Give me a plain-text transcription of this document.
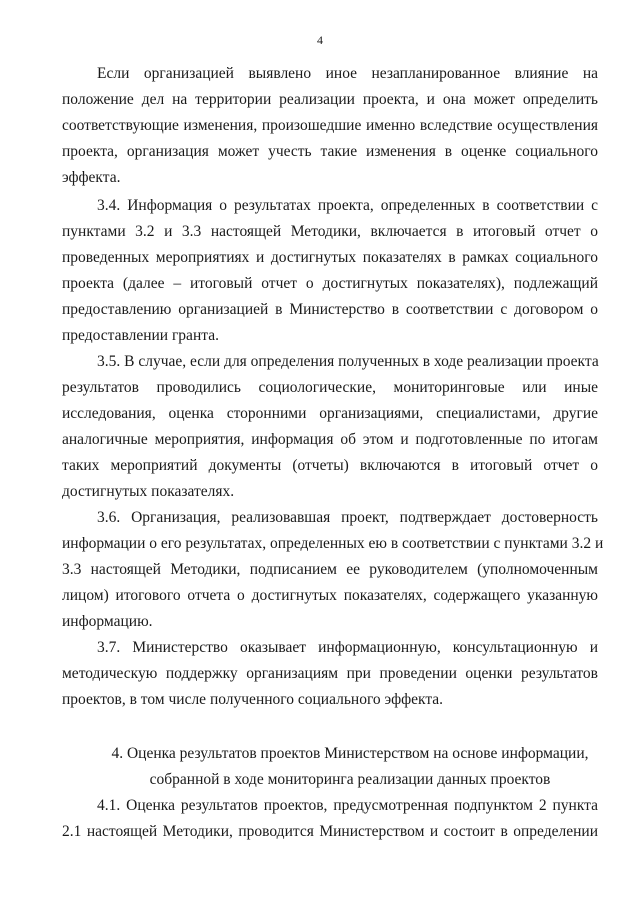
4
Если организацией выявлено иное незапланированное влияние на
положение дел на территории реализации проекта, и она может определить
соответствующие изменения, произошедшие именно вследствие осуществления
проекта, организация может учесть такие изменения в оценке социального
эффекта.
3.4. Информация о результатах проекта, определенных в соответствии с
пунктами 3.2 и 3.3 настоящей Методики, включается в итоговый отчет о
проведенных мероприятиях и достигнутых показателях в рамках социального
проекта (далее – итоговый отчет о достигнутых показателях), подлежащий
предоставлению организацией в Министерство в соответствии с договором о
предоставлении гранта.
3.5. В случае, если для определения полученных в ходе реализации проекта
результатов проводились социологические, мониторинговые или иные
исследования, оценка сторонними организациями, специалистами, другие
аналогичные мероприятия, информация об этом и подготовленные по итогам
таких мероприятий документы (отчеты) включаются в итоговый отчет о
достигнутых показателях.
3.6. Организация, реализовавшая проект, подтверждает достоверность
информации о его результатах, определенных ею в соответствии с пунктами 3.2 и
3.3 настоящей Методики, подписанием ее руководителем (уполномоченным
лицом) итогового отчета о достигнутых показателях, содержащего указанную
информацию.
3.7. Министерство оказывает информационную, консультационную и
методическую поддержку организациям при проведении оценки результатов
проектов, в том числе полученного социального эффекта.
4. Оценка результатов проектов Министерством на основе информации,
собранной в ходе мониторинга реализации данных проектов
4.1. Оценка результатов проектов, предусмотренная подпунктом 2 пункта
2.1 настоящей Методики, проводится Министерством и состоит в определении
